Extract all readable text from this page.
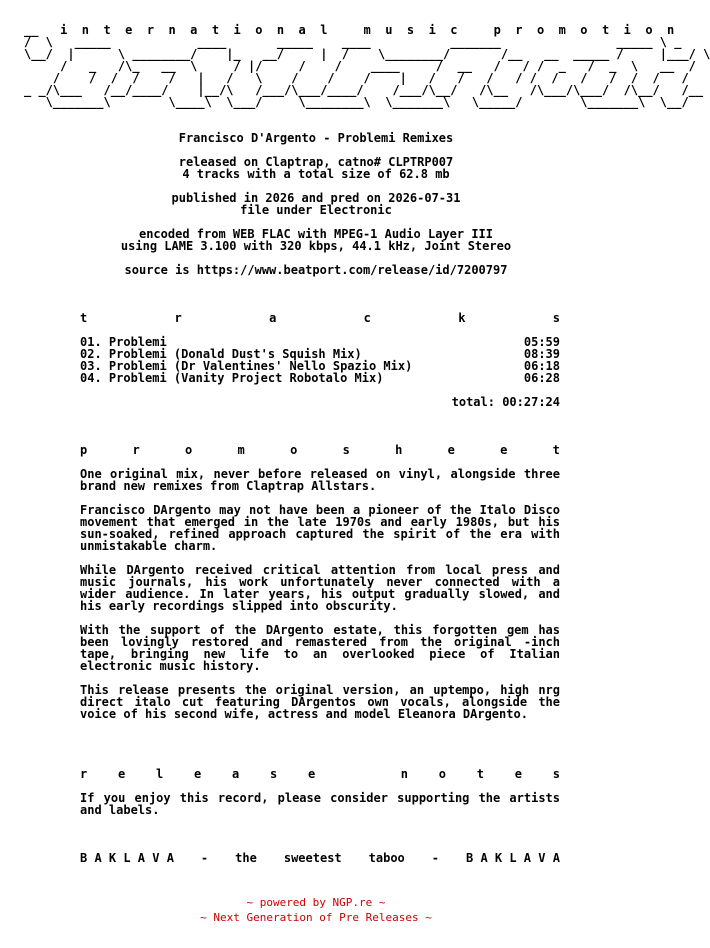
__   i  n  t  e  r  n  a  t  i  o  n  a  l     m  u  s  i  c     p  r  o  m  o  t  i  o  n
/  \   _____            ____       _____    ____           _______                _____ \ _
\__/  |      \ ________/    |_   __/     |  /    \________/       /__   __  _____ /     |___/ \
/   _   /\_   __  \     / |/     /    /    ____     /  __   /   / /  _   /  _  \   __  /
/    /  /  /    /   |   /   \    /    /    /    |   /   /   /   / /  /   /   /  /  /   /
_ _/\___   /__/____/    |__/\   /___/\___/____/    /___/\__/   /\__   /\___/\___/  /\__/   /__
\_______\        \____\  \___/     \________\  \_______\   \_____/        \_______\  \__/
Francisco D'Argento - Problemi Remixes
released on Claptrap, catno# CLPTRP007
4 tracks with a total size of 62.8 mb
published in 2026 and pred on 2026-07-31
file under Electronic
encoded from WEB FLAC with MPEG-1 Audio Layer III
using LAME 3.100 with 320 kbps, 44.1 kHz, Joint Stereo
source is https://www.beatport.com/release/id/7200797
t	r	a	c	k	s
01. Problemi	05:59
02. Problemi (Donald Dust's Squish Mix)	08:39
03. Problemi (Dr Valentines' Nello Spazio Mix)	06:18
04. Problemi (Vanity Project Robotalo Mix)	06:28
total: 00:27:24
p	r	o	m	o	s	h	e	e	t

One original mix, never before released on vinyl, alongside three brand new remixes from Claptrap Allstars.

Francisco DArgento may not have been a pioneer of the Italo Disco movement that emerged in the late 1970s and early 1980s, but his sun-soaked, refined approach captured the spirit of the era with unmistakable charm.

While DArgento received critical attention from local press and music journals, his work unfortunately never connected with a wider audience. In later years, his output gradually slowed, and his early recordings slipped into obscurity.

With the support of the DArgento estate, this forgotten gem has been lovingly restored and remastered from the original -inch tape, bringing new life to an overlooked piece of Italian electronic music history.

This release presents the original version, an uptempo, high nrg direct italo cut featuring DArgentos own vocals, alongside the voice of his second wife, actress and model Eleanora DArgento.

r	e	l	e	a	s	e	n	o	t	e	s

If you enjoy this record, please consider supporting the artists and labels.

B A K L A V A - the sweetest taboo - B A K L A V A
~ powered by NGP.re ~
~ Next Generation of Pre Releases ~
